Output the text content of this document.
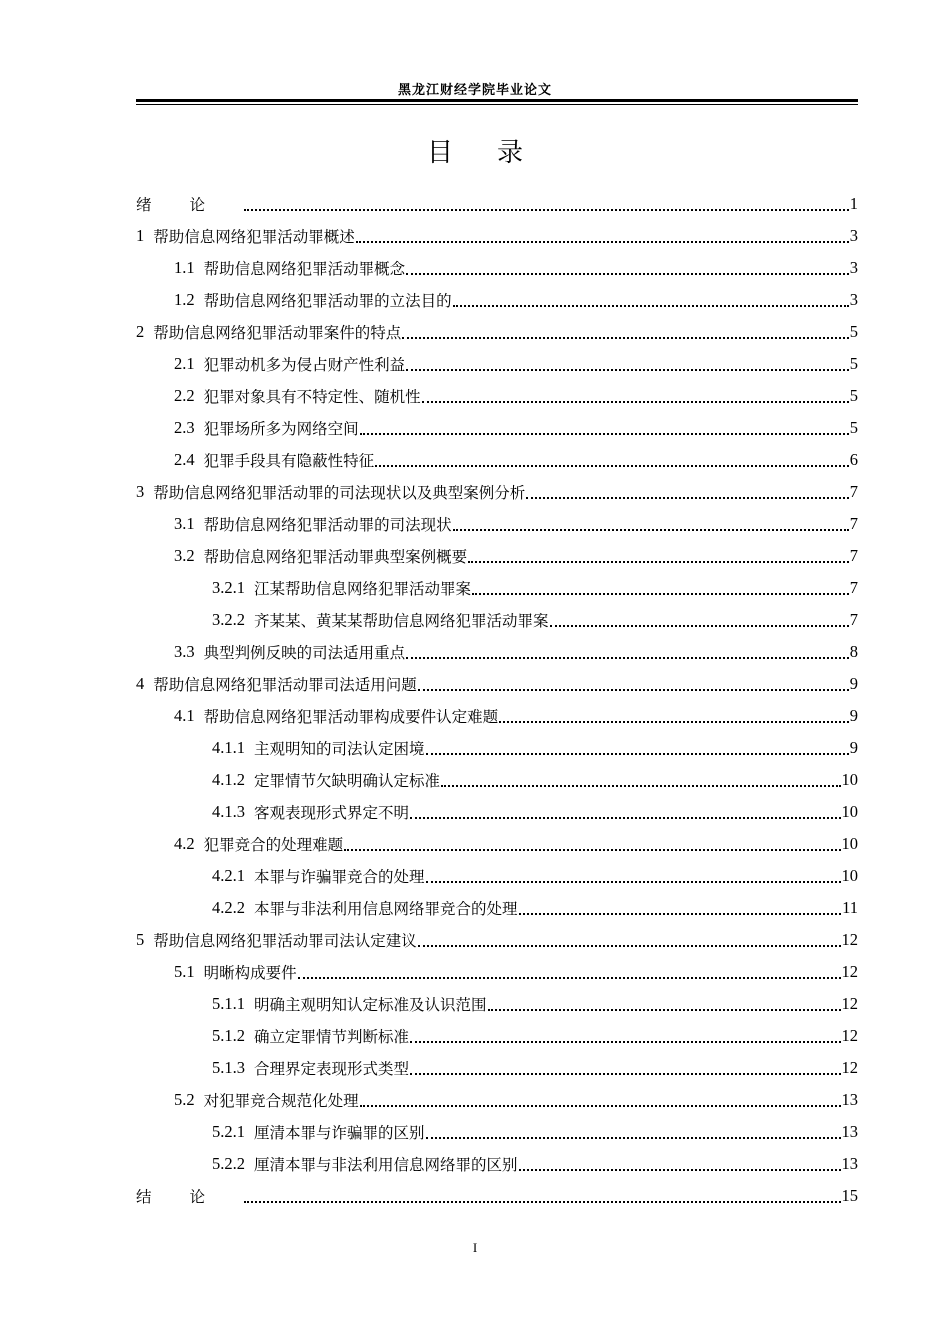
黑龙江财经学院毕业论文
目录
绪论	1
1 帮助信息网络犯罪活动罪概述	3
1.1 帮助信息网络犯罪活动罪概念	3
1.2 帮助信息网络犯罪活动罪的立法目的	3
2 帮助信息网络犯罪活动罪案件的特点	5
2.1 犯罪动机多为侵占财产性利益	5
2.2 犯罪对象具有不特定性、随机性	5
2.3 犯罪场所多为网络空间	5
2.4 犯罪手段具有隐蔽性特征	6
3 帮助信息网络犯罪活动罪的司法现状以及典型案例分析	7
3.1 帮助信息网络犯罪活动罪的司法现状	7
3.2 帮助信息网络犯罪活动罪典型案例概要	7
3.2.1 江某帮助信息网络犯罪活动罪案	7
3.2.2 齐某某、黄某某帮助信息网络犯罪活动罪案	7
3.3 典型判例反映的司法适用重点	8
4 帮助信息网络犯罪活动罪司法适用问题	9
4.1 帮助信息网络犯罪活动罪构成要件认定难题	9
4.1.1 主观明知的司法认定困境	9
4.1.2 定罪情节欠缺明确认定标准	10
4.1.3 客观表现形式界定不明	10
4.2 犯罪竞合的处理难题	10
4.2.1 本罪与诈骗罪竞合的处理	10
4.2.2 本罪与非法利用信息网络罪竞合的处理	11
5 帮助信息网络犯罪活动罪司法认定建议	12
5.1 明晰构成要件	12
5.1.1 明确主观明知认定标准及认识范围	12
5.1.2 确立定罪情节判断标准	12
5.1.3 合理界定表现形式类型	12
5.2 对犯罪竞合规范化处理	13
5.2.1 厘清本罪与诈骗罪的区别	13
5.2.2 厘清本罪与非法利用信息网络罪的区别	13
结论	15
I
